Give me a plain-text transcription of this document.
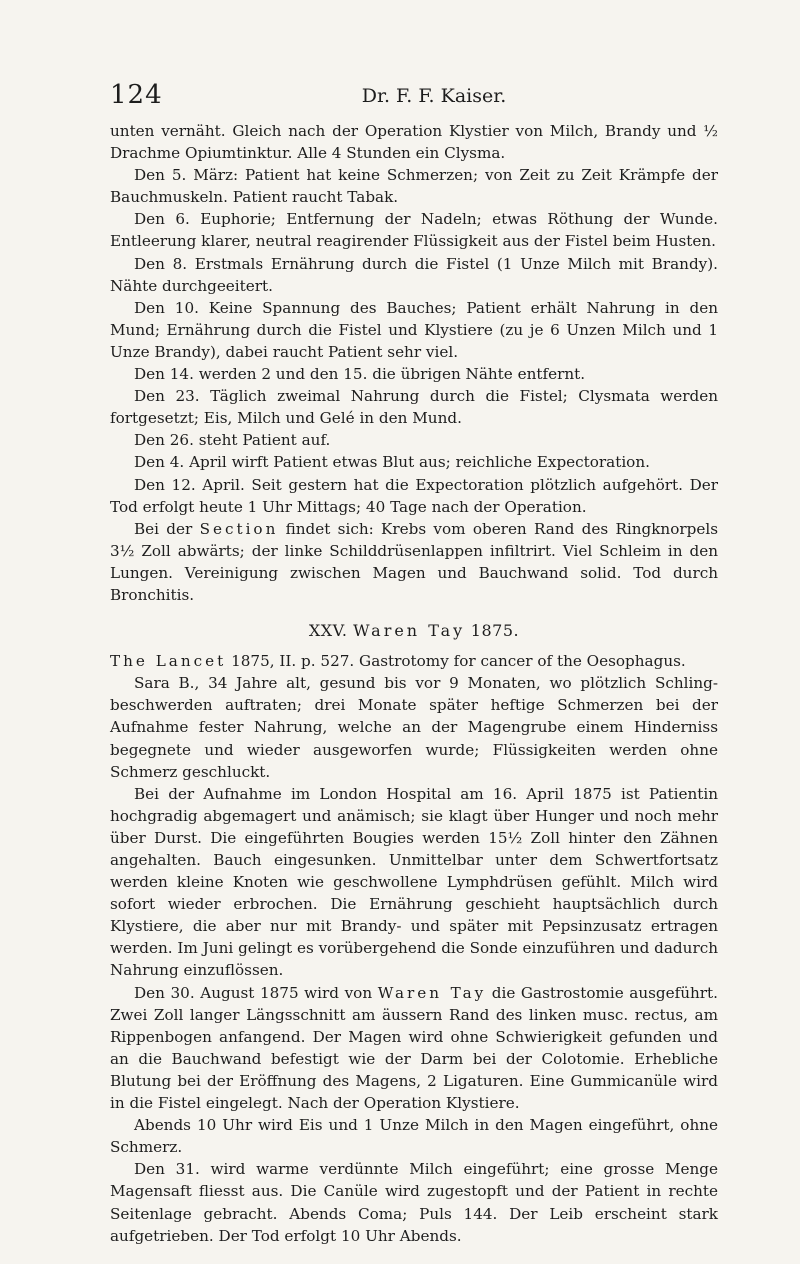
124	Dr. F. F. Kaiser.

unten vernäht. Gleich nach der Operation Klystier von Milch, Brandy und ½ Drachme Opiumtinktur. Alle 4 Stunden ein Clysma.

Den 5. März: Patient hat keine Schmerzen; von Zeit zu Zeit Krämpfe der Bauchmuskeln. Patient raucht Tabak.

Den 6. Euphorie; Entfernung der Nadeln; etwas Röthung der Wunde. Entleerung klarer, neutral reagirender Flüssigkeit aus der Fistel beim Husten.

Den 8. Erstmals Ernährung durch die Fistel (1 Unze Milch mit Brandy). Nähte durchgeeitert.

Den 10. Keine Spannung des Bauches; Patient erhält Nahrung in den Mund; Ernährung durch die Fistel und Klystiere (zu je 6 Unzen Milch und 1 Unze Brandy), dabei raucht Patient sehr viel.

Den 14. werden 2 und den 15. die übrigen Nähte entfernt.

Den 23. Täglich zweimal Nahrung durch die Fistel; Clysmata werden fortgesetzt; Eis, Milch und Gelé in den Mund.

Den 26. steht Patient auf.

Den 4. April wirft Patient etwas Blut aus; reichliche Expectoration.

Den 12. April. Seit gestern hat die Expectoration plötzlich aufgehört. Der Tod erfolgt heute 1 Uhr Mittags; 40 Tage nach der Operation.

Bei der Section findet sich: Krebs vom oberen Rand des Ringknorpels 3½ Zoll abwärts; der linke Schilddrüsenlappen infiltrirt. Viel Schleim in den Lungen. Vereinigung zwischen Magen und Bauchwand solid. Tod durch Bronchitis.

XXV. Waren Tay 1875.

The Lancet 1875, II. p. 527. Gastrotomy for cancer of the Oesophagus.

Sara B., 34 Jahre alt, gesund bis vor 9 Monaten, wo plötzlich Schling-beschwerden auftraten; drei Monate später heftige Schmerzen bei der Aufnahme fester Nahrung, welche an der Magengrube einem Hinderniss begegnete und wieder ausgeworfen wurde; Flüssigkeiten werden ohne Schmerz geschluckt.

Bei der Aufnahme im London Hospital am 16. April 1875 ist Patientin hochgradig abgemagert und anämisch; sie klagt über Hunger und noch mehr über Durst. Die eingeführten Bougies werden 15½ Zoll hinter den Zähnen angehalten. Bauch eingesunken. Unmittelbar unter dem Schwertfortsatz werden kleine Knoten wie geschwollene Lymphdrüsen gefühlt. Milch wird sofort wieder erbrochen. Die Ernährung geschieht hauptsächlich durch Klystiere, die aber nur mit Brandy- und später mit Pepsinzusatz ertragen werden. Im Juni gelingt es vorübergehend die Sonde einzuführen und dadurch Nahrung einzuflössen.

Den 30. August 1875 wird von Waren Tay die Gastrostomie ausgeführt. Zwei Zoll langer Längsschnitt am äussern Rand des linken musc. rectus, am Rippenbogen anfangend. Der Magen wird ohne Schwierigkeit gefunden und an die Bauchwand befestigt wie der Darm bei der Colotomie. Erhebliche Blutung bei der Eröffnung des Magens, 2 Ligaturen. Eine Gummicanüle wird in die Fistel eingelegt. Nach der Operation Klystiere.

Abends 10 Uhr wird Eis und 1 Unze Milch in den Magen eingeführt, ohne Schmerz.

Den 31. wird warme verdünnte Milch eingeführt; eine grosse Menge Magensaft fliesst aus. Die Canüle wird zugestopft und der Patient in rechte Seitenlage gebracht. Abends Coma; Puls 144. Der Leib erscheint stark aufgetrieben. Der Tod erfolgt 10 Uhr Abends.
